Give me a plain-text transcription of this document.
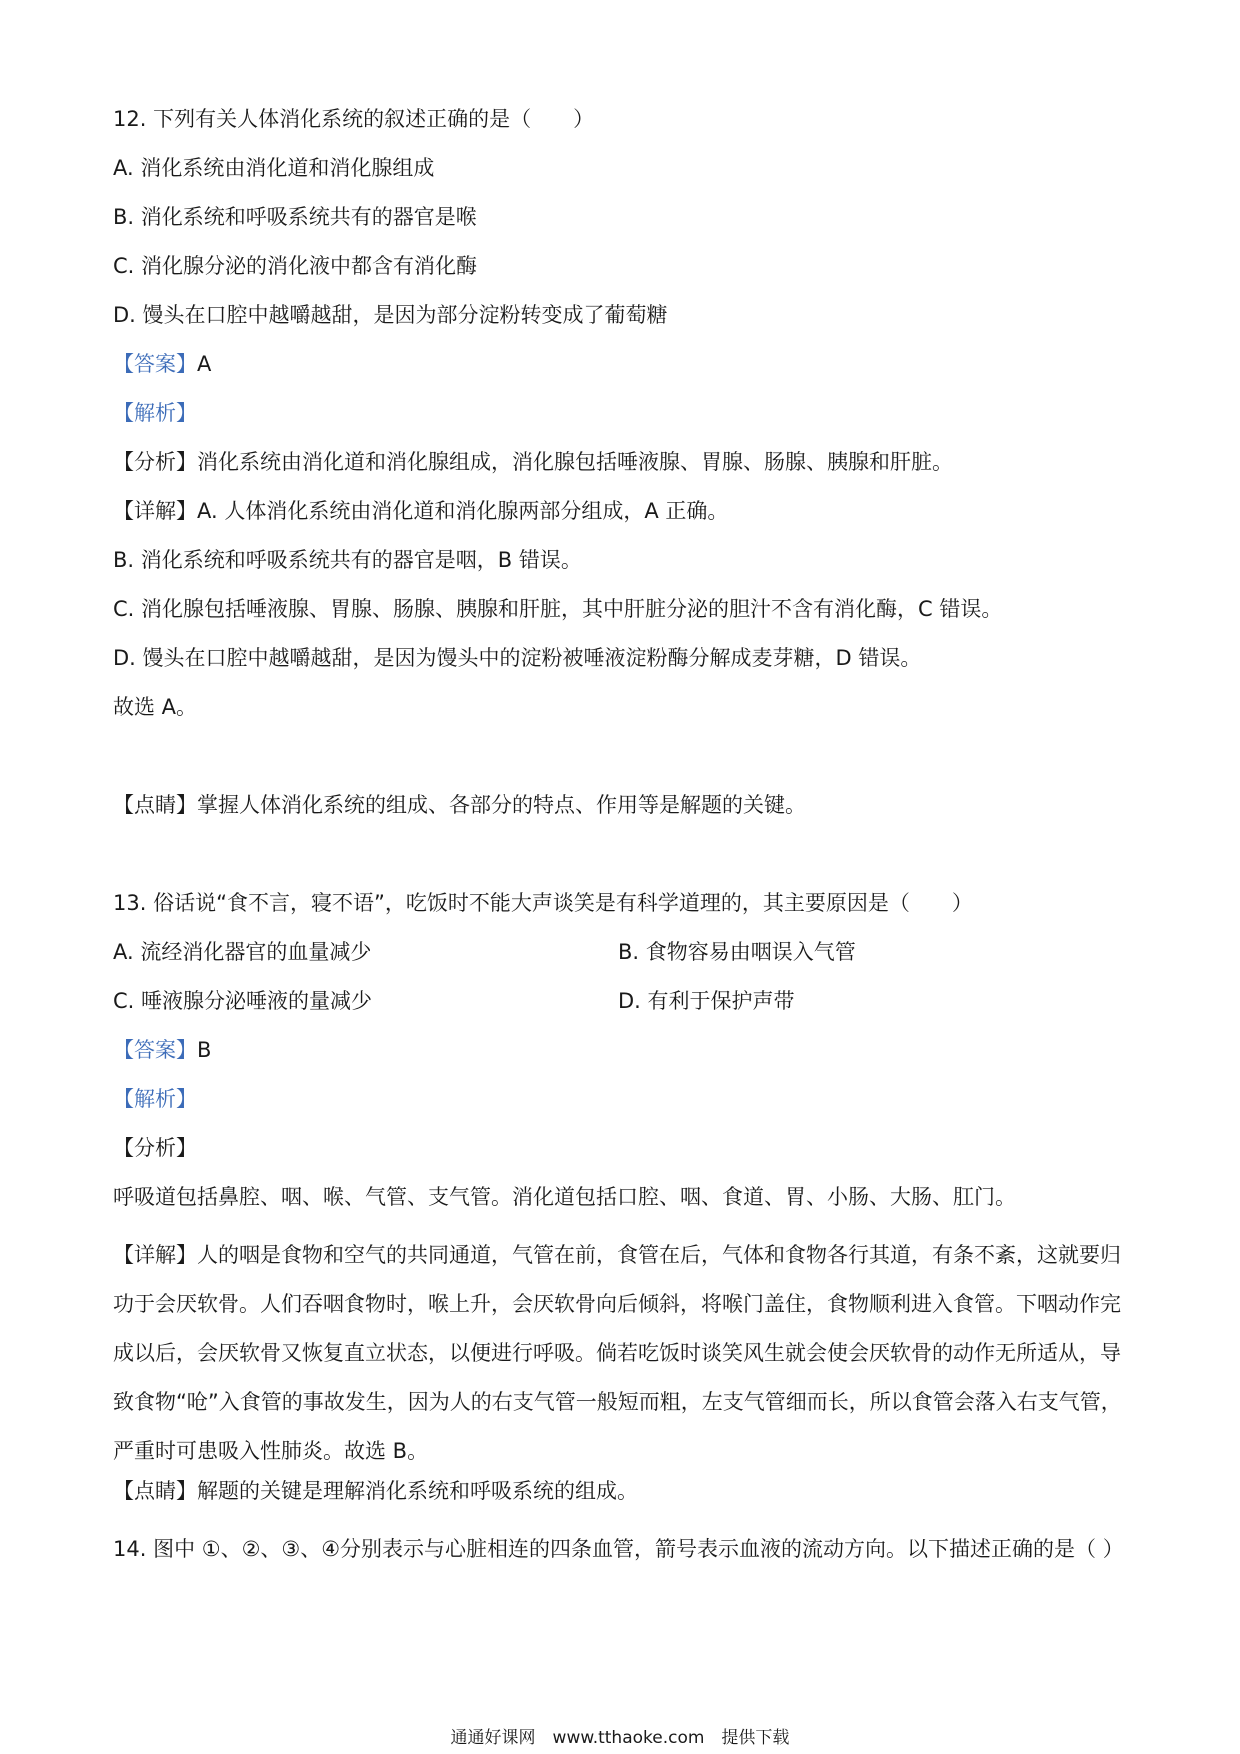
12. 下列有关人体消化系统的叙述正确的是（　　）
A. 消化系统由消化道和消化腺组成
B. 消化系统和呼吸系统共有的器官是喉
C. 消化腺分泌的消化液中都含有消化酶
D. 馒头在口腔中越嚼越甜，是因为部分淀粉转变成了葡萄糖
【答案】A
【解析】
【分析】消化系统由消化道和消化腺组成，消化腺包括唾液腺、胃腺、肠腺、胰腺和肝脏。
【详解】A. 人体消化系统由消化道和消化腺两部分组成，A 正确。
B. 消化系统和呼吸系统共有的器官是咽，B 错误。
C. 消化腺包括唾液腺、胃腺、肠腺、胰腺和肝脏，其中肝脏分泌的胆汁不含有消化酶，C 错误。
D. 馒头在口腔中越嚼越甜，是因为馒头中的淀粉被唾液淀粉酶分解成麦芽糖，D 错误。
故选 A。
【点睛】掌握人体消化系统的组成、各部分的特点、作用等是解题的关键。
13. 俗话说“食不言，寝不语”，吃饭时不能大声谈笑是有科学道理的，其主要原因是（　　）
A. 流经消化器官的血量减少	B. 食物容易由咽误入气管
C. 唾液腺分泌唾液的量减少	D. 有利于保护声带
【答案】B
【解析】
【分析】
呼吸道包括鼻腔、咽、喉、气管、支气管。消化道包括口腔、咽、食道、胃、小肠、大肠、肛门。
【详解】人的咽是食物和空气的共同通道，气管在前，食管在后，气体和食物各行其道，有条不紊，这就要归功于会厌软骨。人们吞咽食物时，喉上升，会厌软骨向后倾斜，将喉门盖住，食物顺利进入食管。下咽动作完成以后，会厌软骨又恢复直立状态，以便进行呼吸。倘若吃饭时谈笑风生就会使会厌软骨的动作无所适从，导致食物“呛”入食管的事故发生，因为人的右支气管一般短而粗，左支气管细而长，所以食管会落入右支气管，严重时可患吸入性肺炎。故选 B。
【点睛】解题的关键是理解消化系统和呼吸系统的组成。
14. 图中 ①、②、③、④分别表示与心脏相连的四条血管，箭号表示血液的流动方向。以下描述正确的是（ ）
通通好课网　www.tthaoke.com　提供下载
